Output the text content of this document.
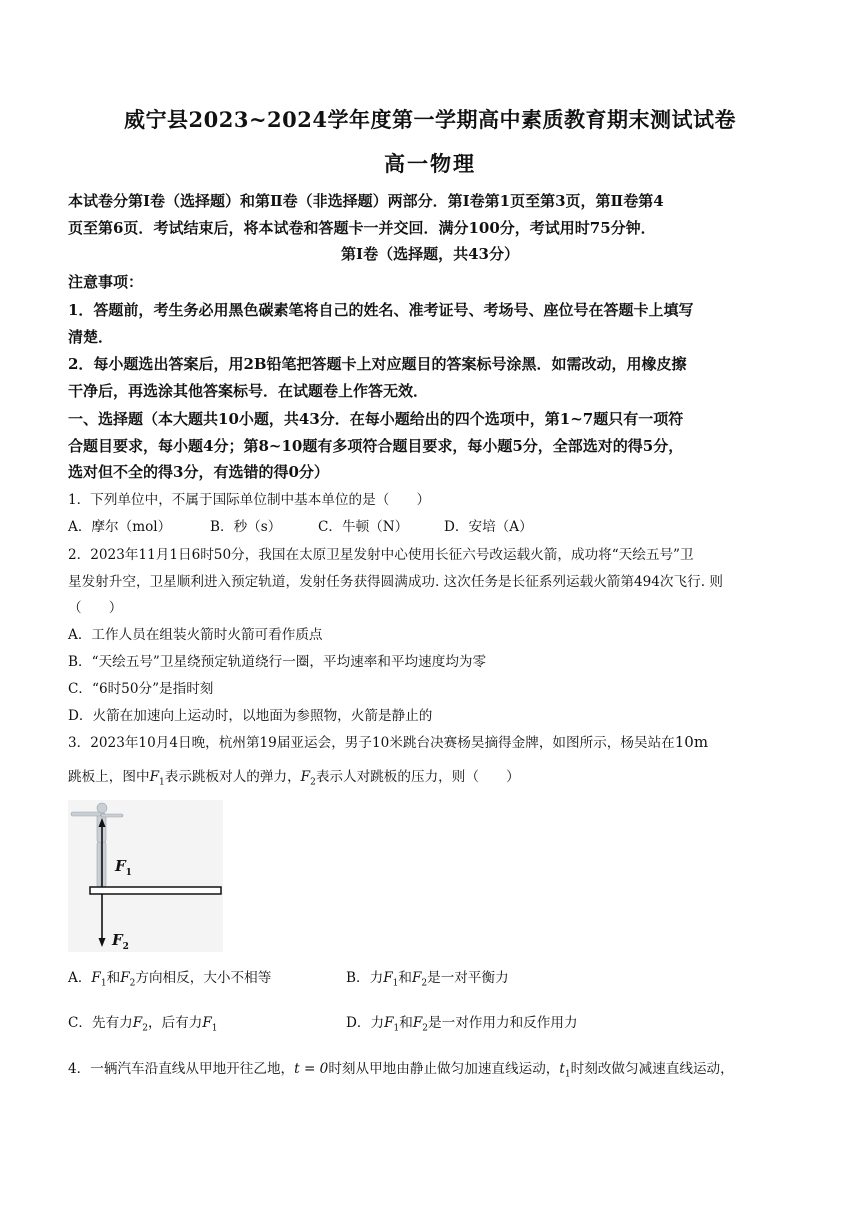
威宁县2023~2024学年度第一学期高中素质教育期末测试试卷
高一物理
本试卷分第Ⅰ卷（选择题）和第Ⅱ卷（非选择题）两部分．第Ⅰ卷第1页至第3页，第Ⅱ卷第4
页至第6页．考试结束后，将本试卷和答题卡一并交回．满分100分，考试用时75分钟．
第Ⅰ卷（选择题，共43分）
注意事项：
1．答题前，考生务必用黑色碳素笔将自己的姓名、准考证号、考场号、座位号在答题卡上填写
清楚．
2．每小题选出答案后，用2B铅笔把答题卡上对应题目的答案标号涂黑．如需改动，用橡皮擦
干净后，再选涂其他答案标号．在试题卷上作答无效．
一、选择题（本大题共10小题，共43分．在每小题给出的四个选项中，第1~7题只有一项符
合题目要求，每小题4分；第8~10题有多项符合题目要求，每小题5分，全部选对的得5分，
选对但不全的得3分，有选错的得0分）
1．下列单位中，不属于国际单位制中基本单位的是（　　）
A．摩尔（mol）	B．秒（s）	C．牛顿（N）	D．安培（A）
2．2023年11月1日6时50分，我国在太原卫星发射中心使用长征六号改运载火箭，成功将“天绘五号”卫
星发射升空，卫星顺利进入预定轨道，发射任务获得圆满成功. 这次任务是长征系列运载火箭第494次飞行. 则
（　　）
A．工作人员在组装火箭时火箭可看作质点
B．“天绘五号”卫星绕预定轨道绕行一圈，平均速率和平均速度均为零
C．“6时50分”是指时刻
D．火箭在加速向上运动时，以地面为参照物，火箭是静止的
3．2023年10月4日晚，杭州第19届亚运会，男子10米跳台决赛杨昊摘得金牌，如图所示，杨吴站在10m
跳板上，图中$F_1$表示跳板对人的弹力，$F_2$表示人对跳板的压力，则（　　）
$F_1$
$F_2$
A．$F_1$和$F_2$方向相反，大小不相等	B．力$F_1$和$F_2$是一对平衡力
C．先有力$F_2$，后有力$F_1$	D．力$F_1$和$F_2$是一对作用力和反作用力
4．一辆汽车沿直线从甲地开往乙地，t = 0时刻从甲地由静止做匀加速直线运动，$t_1$时刻改做匀减速直线运动，
